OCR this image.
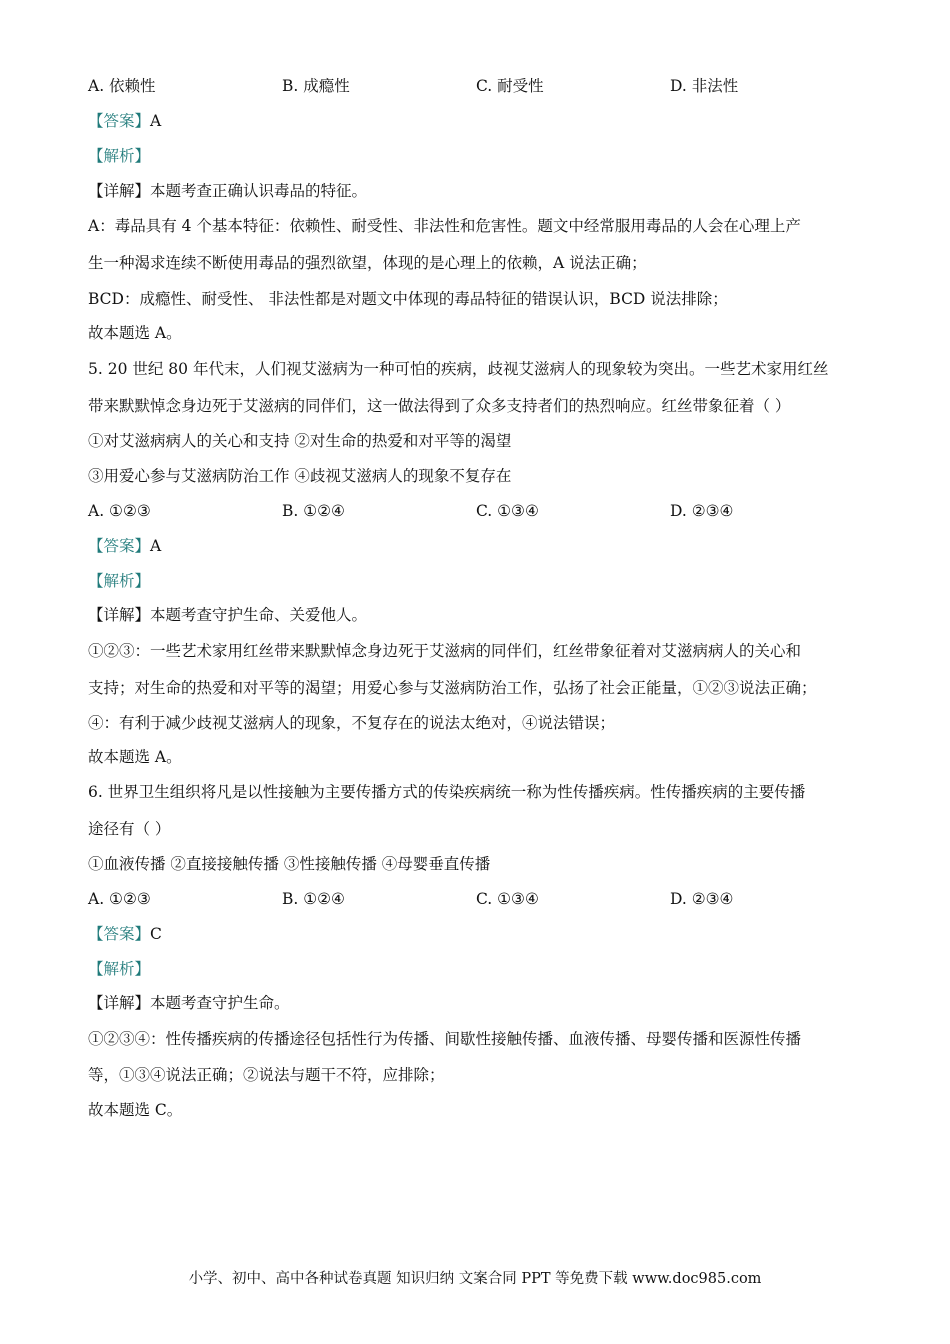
A. 依赖性	B. 成瘾性	C. 耐受性	D. 非法性
【答案】A
【解析】
【详解】本题考查正确认识毒品的特征。
A：毒品具有 4 个基本特征：依赖性、耐受性、非法性和危害性。题文中经常服用毒品的人会在心理上产
生一种渴求连续不断使用毒品的强烈欲望，体现的是心理上的依赖，A 说法正确；
BCD：成瘾性、耐受性、 非法性都是对题文中体现的毒品特征的错误认识，BCD 说法排除；
故本题选 A。
5. 20 世纪 80 年代末，人们视艾滋病为一种可怕的疾病，歧视艾滋病人的现象较为突出。一些艺术家用红丝
带来默默悼念身边死于艾滋病的同伴们，这一做法得到了众多支持者们的热烈响应。红丝带象征着（ ）
①对艾滋病病人的关心和支持 ②对生命的热爱和对平等的渴望
③用爱心参与艾滋病防治工作 ④歧视艾滋病人的现象不复存在
A. ①②③	B. ①②④	C. ①③④	D. ②③④
【答案】A
【解析】
【详解】本题考查守护生命、关爱他人。
①②③：一些艺术家用红丝带来默默悼念身边死于艾滋病的同伴们，红丝带象征着对艾滋病病人的关心和
支持；对生命的热爱和对平等的渴望；用爱心参与艾滋病防治工作，弘扬了社会正能量，①②③说法正确；
④：有利于减少歧视艾滋病人的现象，不复存在的说法太绝对，④说法错误；
故本题选 A。
6. 世界卫生组织将凡是以性接触为主要传播方式的传染疾病统一称为性传播疾病。性传播疾病的主要传播
途径有（ ）
①血液传播 ②直接接触传播 ③性接触传播 ④母婴垂直传播
A. ①②③	B. ①②④	C. ①③④	D. ②③④
【答案】C
【解析】
【详解】本题考查守护生命。
①②③④：性传播疾病的传播途径包括性行为传播、间歇性接触传播、血液传播、母婴传播和医源性传播
等，①③④说法正确；②说法与题干不符，应排除；
故本题选 C。
小学、初中、高中各种试卷真题 知识归纳 文案合同 PPT 等免费下载 www.doc985.com
